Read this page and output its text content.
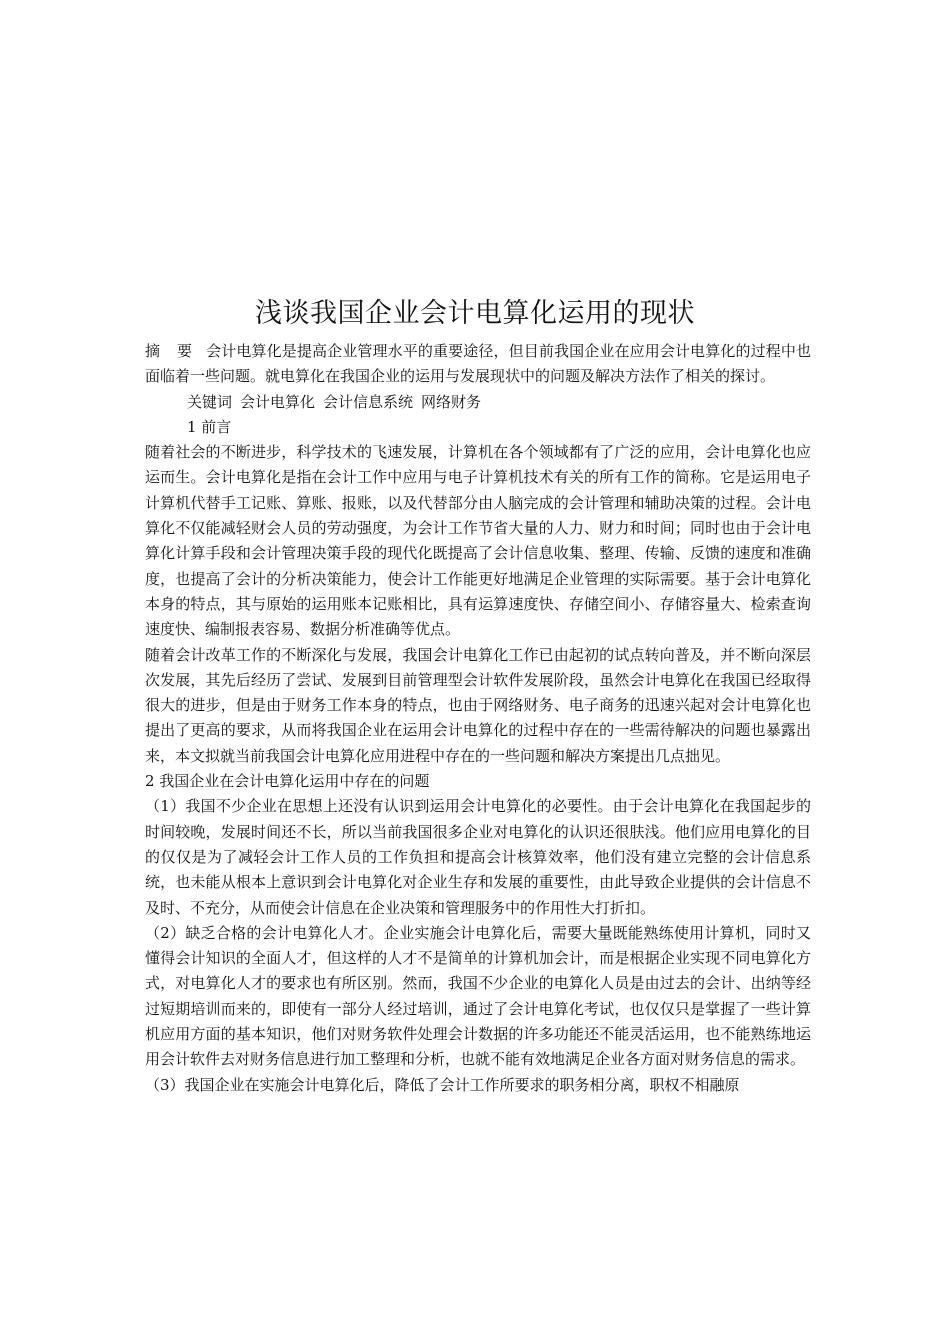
浅谈我国企业会计电算化运用的现状

摘 要 会计电算化是提高企业管理水平的重要途径，但目前我国企业在应用会计电算化的过程中也面临着一些问题。就电算化在我国企业的运用与发展现状中的问题及解决方法作了相关的探讨。

关键词 会计电算化 会计信息系统 网络财务

1 前言

随着社会的不断进步，科学技术的飞速发展，计算机在各个领域都有了广泛的应用，会计电算化也应运而生。会计电算化是指在会计工作中应用与电子计算机技术有关的所有工作的简称。它是运用电子计算机代替手工记账、算账、报账，以及代替部分由人脑完成的会计管理和辅助决策的过程。会计电算化不仅能减轻财会人员的劳动强度，为会计工作节省大量的人力、财力和时间；同时也由于会计电算化计算手段和会计管理决策手段的现代化既提高了会计信息收集、整理、传输、反馈的速度和准确度，也提高了会计的分析决策能力，使会计工作能更好地满足企业管理的实际需要。基于会计电算化本身的特点，其与原始的运用账本记账相比，具有运算速度快、存储空间小、存储容量大、检索查询速度快、编制报表容易、数据分析准确等优点。

随着会计改革工作的不断深化与发展，我国会计电算化工作已由起初的试点转向普及，并不断向深层次发展，其先后经历了尝试、发展到目前管理型会计软件发展阶段，虽然会计电算化在我国已经取得很大的进步，但是由于财务工作本身的特点，也由于网络财务、电子商务的迅速兴起对会计电算化也提出了更高的要求，从而将我国企业在运用会计电算化的过程中存在的一些需待解决的问题也暴露出来，本文拟就当前我国会计电算化应用进程中存在的一些问题和解决方案提出几点拙见。

2 我国企业在会计电算化运用中存在的问题

（1）我国不少企业在思想上还没有认识到运用会计电算化的必要性。由于会计电算化在我国起步的时间较晚，发展时间还不长，所以当前我国很多企业对电算化的认识还很肤浅。他们应用电算化的目的仅仅是为了减轻会计工作人员的工作负担和提高会计核算效率，他们没有建立完整的会计信息系统，也未能从根本上意识到会计电算化对企业生存和发展的重要性，由此导致企业提供的会计信息不及时、不充分，从而使会计信息在企业决策和管理服务中的作用性大打折扣。

（2）缺乏合格的会计电算化人才。企业实施会计电算化后，需要大量既能熟练使用计算机，同时又懂得会计知识的全面人才，但这样的人才不是简单的计算机加会计，而是根据企业实现不同电算化方式，对电算化人才的要求也有所区别。然而，我国不少企业的电算化人员是由过去的会计、出纳等经过短期培训而来的，即使有一部分人经过培训，通过了会计电算化考试，也仅仅只是掌握了一些计算机应用方面的基本知识，他们对财务软件处理会计数据的许多功能还不能灵活运用，也不能熟练地运用会计软件去对财务信息进行加工整理和分析，也就不能有效地满足企业各方面对财务信息的需求。

（3）我国企业在实施会计电算化后，降低了会计工作所要求的职务相分离，职权不相融原
